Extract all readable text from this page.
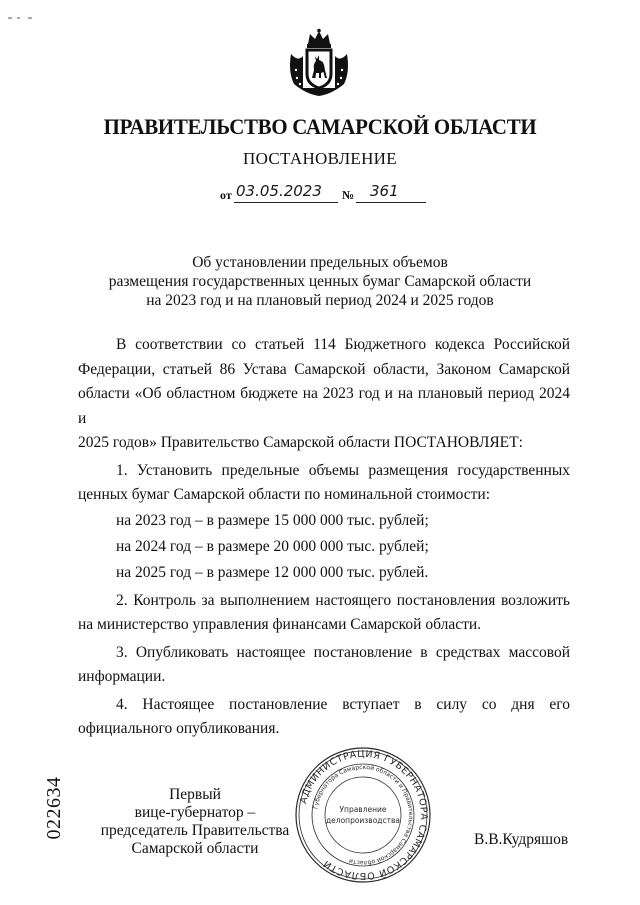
ПРАВИТЕЛЬСТВО САМАРСКОЙ ОБЛАСТИ
ПОСТАНОВЛЕНИЕ
от 03.05.2023 № 361
Об установлении предельных объемов
размещения государственных ценных бумаг Самарской области
на 2023 год и на плановый период 2024 и 2025 годов

В соответствии со статьей 114 Бюджетного кодекса Российской

Федерации, статьей 86 Устава Самарской области, Законом Самарской

области «Об областном бюджете на 2023 год и на плановый период 2024 и

2025 годов» Правительство Самарской области ПОСТАНОВЛЯЕТ:

1. Установить предельные объемы размещения государственных

ценных бумаг Самарской области по номинальной стоимости:

на 2023 год – в размере 15 000 000 тыс. рублей;

на 2024 год – в размере 20 000 000 тыс. рублей;

на 2025 год – в размере 12 000 000 тыс. рублей.

2. Контроль за выполнением настоящего постановления возложить

на министерство управления финансами Самарской области.

3. Опубликовать настоящее постановление в средствах массовой

информации.

4. Настоящее постановление вступает в силу со дня его

официального опубликования.

022634	Первый
вице-губернатор –
председатель Правительства
Самарской области
АДМИНИСТРАЦИЯ ГУБЕРНАТОРА САМАРСКОЙ ОБЛАСТИ
Губернатора Самарской области и Правительства Самарской области
Управление
делопроизводства
В.В.Кудряшов
